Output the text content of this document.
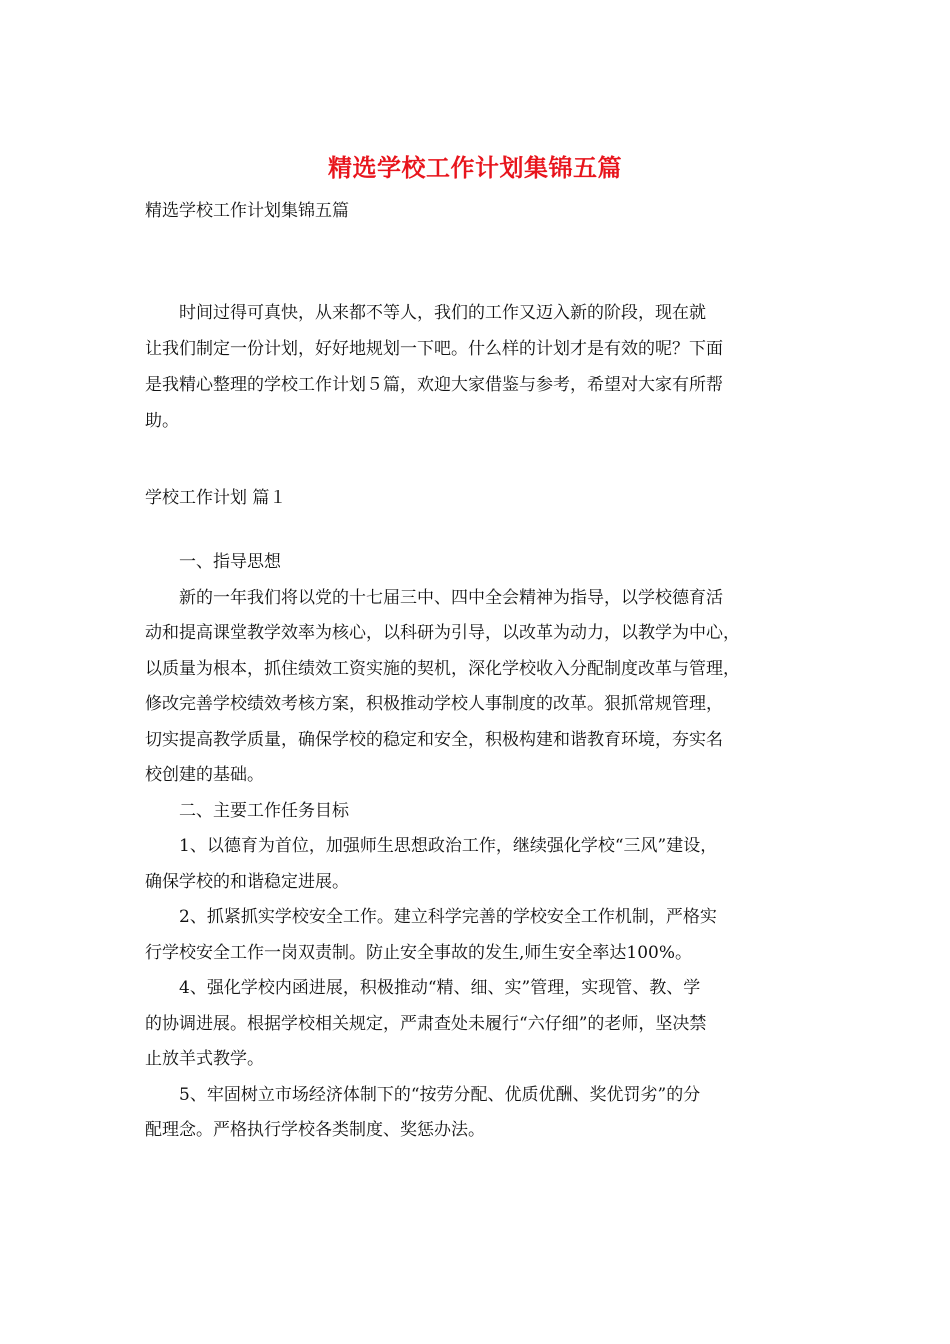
精选学校工作计划集锦五篇
精选学校工作计划集锦五篇
　　时间过得可真快，从来都不等人，我们的工作又迈入新的阶段，现在就
让我们制定一份计划，好好地规划一下吧。什么样的计划才是有效的呢？下面
是我精心整理的学校工作计划５篇，欢迎大家借鉴与参考，希望对大家有所帮
助。
学校工作计划 篇１
　　一、指导思想
　　新的一年我们将以党的十七届三中、四中全会精神为指导，以学校德育活
动和提高课堂教学效率为核心，以科研为引导，以改革为动力，以教学为中心，
以质量为根本，抓住绩效工资实施的契机，深化学校收入分配制度改革与管理，
修改完善学校绩效考核方案，积极推动学校人事制度的改革。狠抓常规管理，
切实提高教学质量，确保学校的稳定和安全，积极构建和谐教育环境，夯实名
校创建的基础。
　　二、主要工作任务目标
　　1、以德育为首位，加强师生思想政治工作，继续强化学校“三风”建设，
确保学校的和谐稳定进展。
　　2、抓紧抓实学校安全工作。建立科学完善的学校安全工作机制，严格实
行学校安全工作一岗双责制。防止安全事故的发生,师生安全率达100%。
　　4、强化学校内函进展，积极推动“精、细、实”管理，实现管、教、学
的协调进展。根据学校相关规定，严肃查处未履行“六仔细”的老师，坚决禁
止放羊式教学。
　　5、牢固树立市场经济体制下的“按劳分配、优质优酬、奖优罚劣”的分
配理念。严格执行学校各类制度、奖惩办法。
